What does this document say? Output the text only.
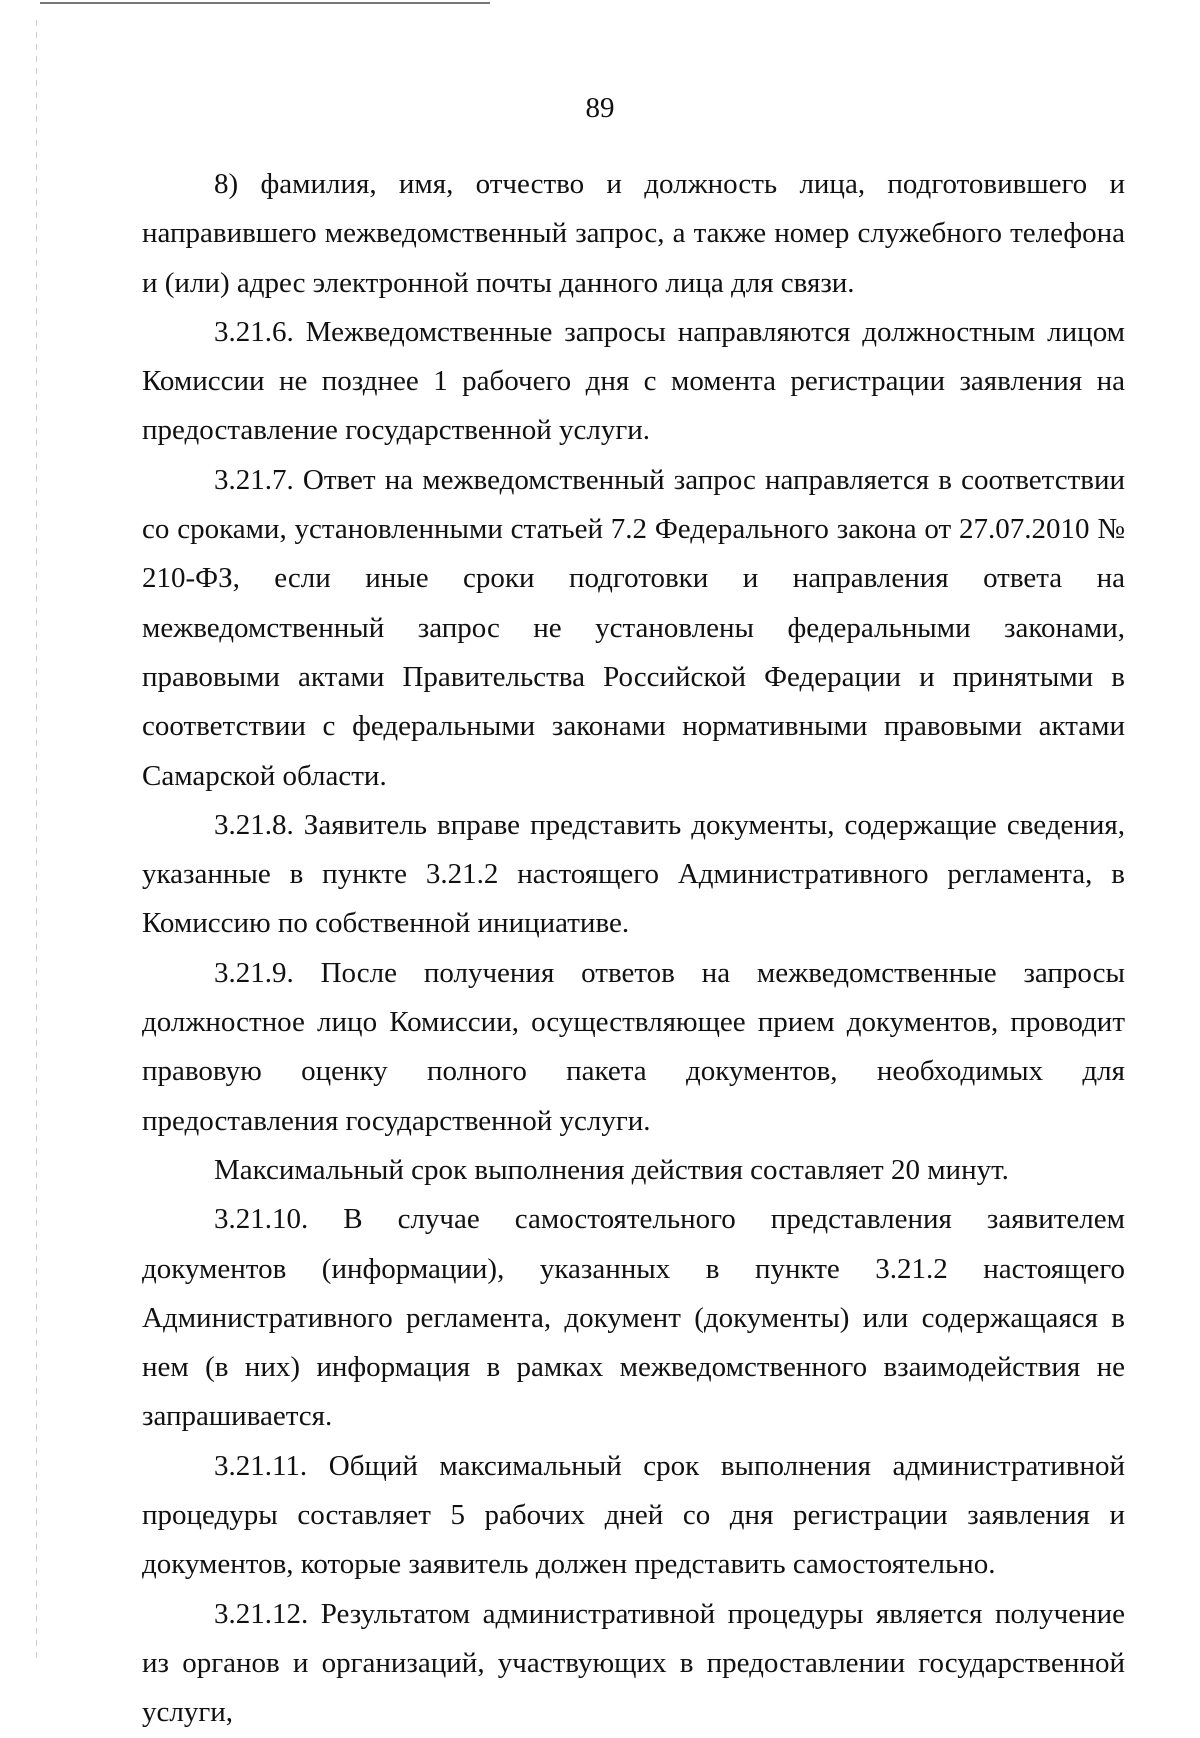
89

8) фамилия, имя, отчество и должность лица, подготовившего и направившего межведомственный запрос, а также номер служебного телефона и (или) адрес электронной почты данного лица для связи.

3.21.6. Межведомственные запросы направляются должностным лицом Комиссии не позднее 1 рабочего дня с момента регистрации заявления на предоставление государственной услуги.

3.21.7. Ответ на межведомственный запрос направляется в соответствии со сроками, установленными статьей 7.2 Федерального закона от 27.07.2010 № 210-ФЗ, если иные сроки подготовки и направления ответа на межведомственный запрос не установлены федеральными законами, правовыми актами Правительства Российской Федерации и принятыми в соответствии с федеральными законами нормативными правовыми актами Самарской области.

3.21.8. Заявитель вправе представить документы, содержащие сведения, указанные в пункте 3.21.2 настоящего Административного регламента, в Комиссию по собственной инициативе.

3.21.9. После получения ответов на межведомственные запросы должностное лицо Комиссии, осуществляющее прием документов, проводит правовую оценку полного пакета документов, необходимых для предоставления государственной услуги.

Максимальный срок выполнения действия составляет 20 минут.

3.21.10. В случае самостоятельного представления заявителем документов (информации), указанных в пункте 3.21.2 настоящего Административного регламента, документ (документы) или содержащаяся в нем (в них) информация в рамках межведомственного взаимодействия не запрашивается.

3.21.11. Общий максимальный срок выполнения административной процедуры составляет 5 рабочих дней со дня регистрации заявления и документов, которые заявитель должен представить самостоятельно.

3.21.12. Результатом административной процедуры является получение из органов и организаций, участвующих в предоставлении государственной услуги,
